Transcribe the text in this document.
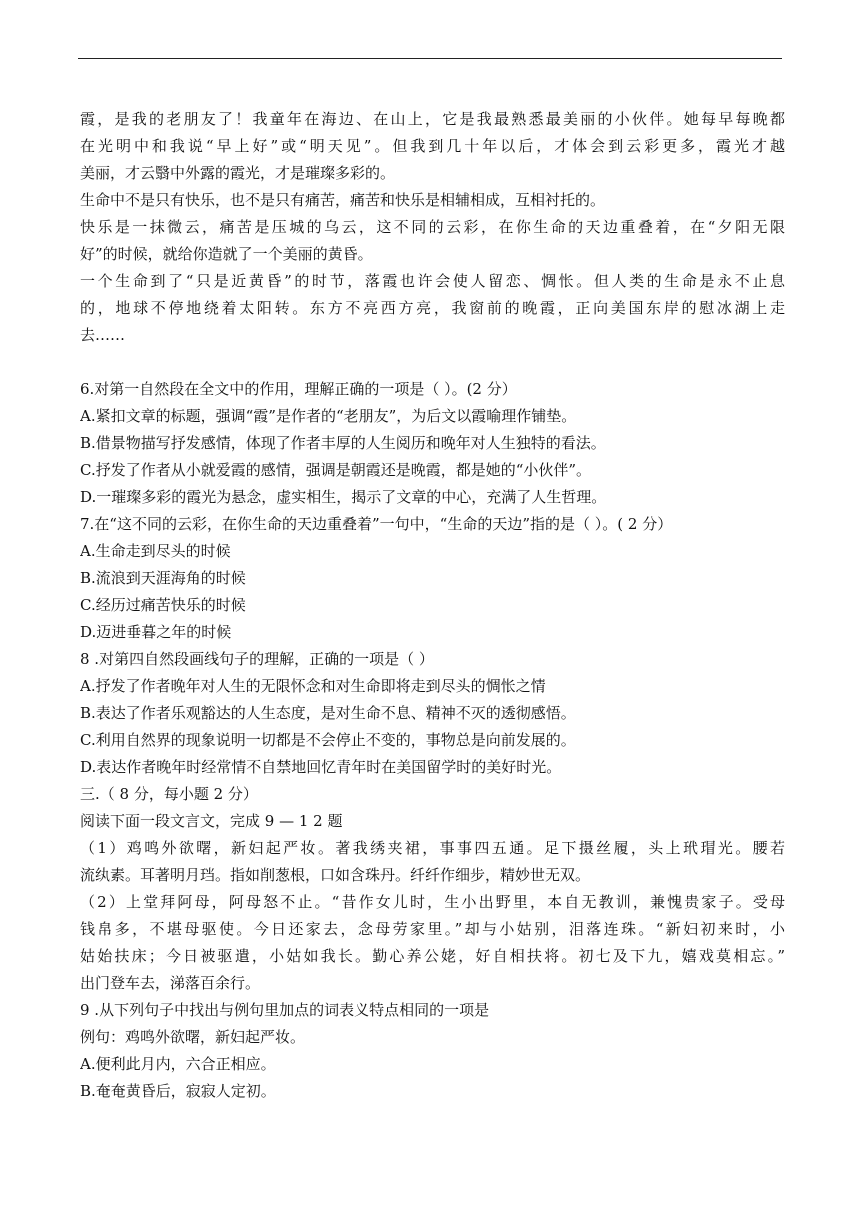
霞，是我的老朋友了！我童年在海边、在山上，它是我最熟悉最美丽的小伙伴。她每早每晚都
在光明中和我说“早上好”或“明天见”。但我到几十年以后，才体会到云彩更多，霞光才越
美丽，才云翳中外露的霞光，才是璀璨多彩的。
生命中不是只有快乐，也不是只有痛苦，痛苦和快乐是相辅相成，互相衬托的。
快乐是一抹微云，痛苦是压城的乌云，这不同的云彩，在你生命的天边重叠着，在“夕阳无限
好”的时候，就给你造就了一个美丽的黄昏。
一个生命到了“只是近黄昏”的时节，落霞也许会使人留恋、惆怅。但人类的生命是永不止息
的，地球不停地绕着太阳转。东方不亮西方亮，我窗前的晚霞，正向美国东岸的慰冰湖上走
去……
6.对第一自然段在全文中的作用，理解正确的一项是（ ）。(2 分）
A.紧扣文章的标题，强调“霞”是作者的“老朋友”，为后文以霞喻理作铺垫。
B.借景物描写抒发感情，体现了作者丰厚的人生阅历和晚年对人生独特的看法。
C.抒发了作者从小就爱霞的感情，强调是朝霞还是晚霞，都是她的“小伙伴”。
D.一璀璨多彩的霞光为悬念，虚实相生，揭示了文章的中心，充满了人生哲理。
7.在“这不同的云彩，在你生命的天边重叠着”一句中，“生命的天边”指的是（ ）。( 2 分）
A.生命走到尽头的时候
B.流浪到天涯海角的时候
C.经历过痛苦快乐的时候
D.迈进垂暮之年的时候
8 .对第四自然段画线句子的理解，正确的一项是（ ）
A.抒发了作者晚年对人生的无限怀念和对生命即将走到尽头的惆怅之情
B.表达了作者乐观豁达的人生态度，是对生命不息、精神不灭的透彻感悟。
C.利用自然界的现象说明一切都是不会停止不变的，事物总是向前发展的。
D.表达作者晚年时经常情不自禁地回忆青年时在美国留学时的美好时光。
三.（ 8 分，每小题 2 分）
阅读下面一段文言文，完成 9 — 1 2 题
（1）鸡鸣外欲曙，新妇起严妆。著我绣夹裙，事事四五通。足下摄丝履，头上玳瑁光。腰若
流纨素。耳著明月珰。指如削葱根，口如含珠丹。纤纤作细步，精妙世无双。
（2）上堂拜阿母，阿母怒不止。“昔作女儿时，生小出野里，本自无教训，兼愧贵家子。受母
钱帛多，不堪母驱使。今日还家去，念母劳家里。”却与小姑别，泪落连珠。“新妇初来时，小
姑始扶床；今日被驱遣，小姑如我长。勤心养公姥，好自相扶将。初七及下九，嬉戏莫相忘。”
出门登车去，涕落百余行。
9 .从下列句子中找出与例句里加点的词表义特点相同的一项是
例句：鸡鸣外欲曙，新妇起严妆。
A.便利此月内，六合正相应。
B.奄奄黄昏后，寂寂人定初。
